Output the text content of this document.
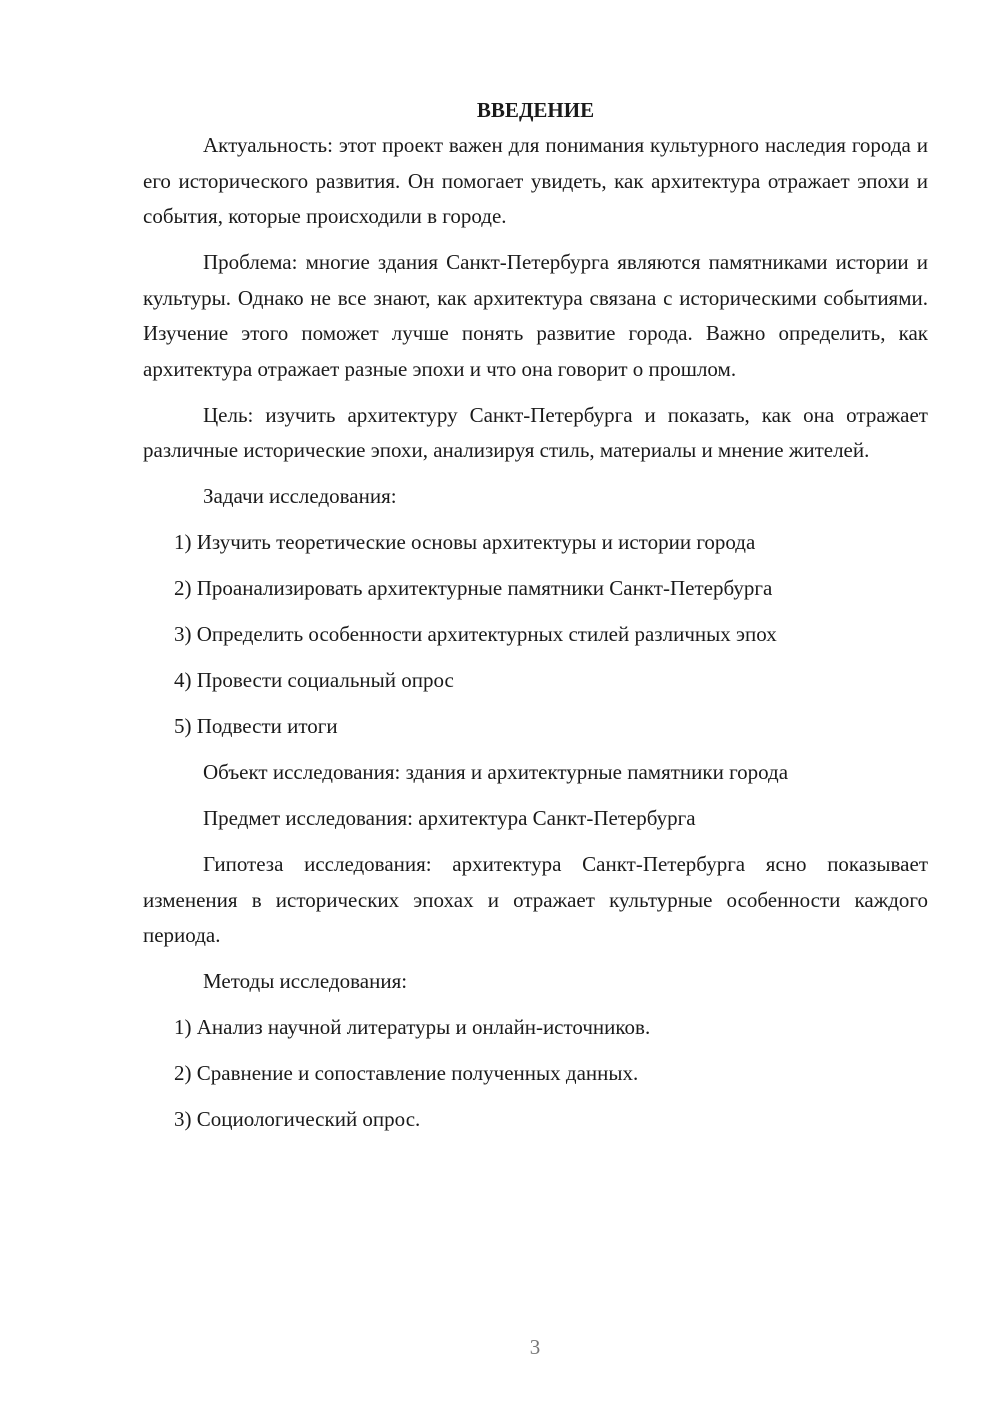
ВВЕДЕНИЕ

Актуальность: этот проект важен для понимания культурного наследия города и его исторического развития. Он помогает увидеть, как архитектура отражает эпохи и события, которые происходили в городе.

Проблема: многие здания Санкт-Петербурга являются памятниками истории и культуры. Однако не все знают, как архитектура связана с историческими событиями. Изучение этого поможет лучше понять развитие города. Важно определить, как архитектура отражает разные эпохи и что она говорит о прошлом.

Цель: изучить архитектуру Санкт-Петербурга и показать, как она отражает различные исторические эпохи, анализируя стиль, материалы и мнение жителей.

Задачи исследования:

1) Изучить теоретические основы архитектуры и истории города

2) Проанализировать архитектурные памятники Санкт-Петербурга

3) Определить особенности архитектурных стилей различных эпох

4) Провести социальный опрос

5) Подвести итоги

Объект исследования: здания и архитектурные памятники города

Предмет исследования: архитектура Санкт-Петербурга

Гипотеза исследования: архитектура Санкт-Петербурга ясно показывает изменения в исторических эпохах и отражает культурные особенности каждого периода.

Методы исследования:

1) Анализ научной литературы и онлайн-источников.

2) Сравнение и сопоставление полученных данных.

3) Социологический опрос.

3
